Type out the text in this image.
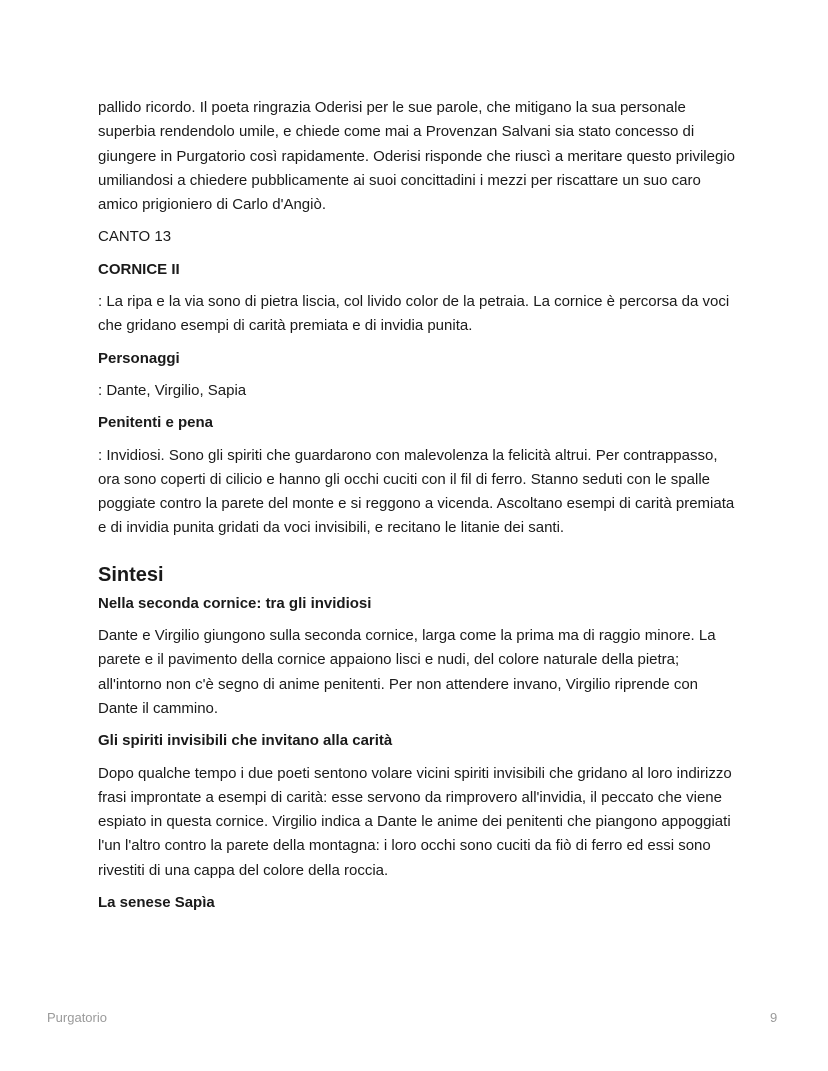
pallido ricordo. Il poeta ringrazia Oderisi per le sue parole, che mitigano la sua personale superbia rendendolo umile, e chiede come mai a Provenzan Salvani sia stato concesso di giungere in Purgatorio così rapidamente. Oderisi risponde che riuscì a meritare questo privilegio umiliandosi a chiedere pubblicamente ai suoi concittadini i mezzi per riscattare un suo caro amico prigioniero di Carlo d'Angiò.

CANTO 13

CORNICE II

: La ripa e la via sono di pietra liscia, col livido color de la petraia. La cornice è percorsa da voci che gridano esempi di carità premiata e di invidia punita.

Personaggi

: Dante, Virgilio, Sapia

Penitenti e pena

: Invidiosi. Sono gli spiriti che guardarono con malevolenza la felicità altrui. Per contrappasso, ora sono coperti di cilicio e hanno gli occhi cuciti con il fil di ferro. Stanno seduti con le spalle poggiate contro la parete del monte e si reggono a vicenda. Ascoltano esempi di carità premiata e di invidia punita gridati da voci invisibili, e recitano le litanie dei santi.

Sintesi

Nella seconda cornice: tra gli invidiosi

Dante e Virgilio giungono sulla seconda cornice, larga come la prima ma di raggio minore. La parete e il pavimento della cornice appaiono lisci e nudi, del colore naturale della pietra; all'intorno non c'è segno di anime penitenti. Per non attendere invano, Virgilio riprende con Dante il cammino.

Gli spiriti invisibili che invitano alla carità

Dopo qualche tempo i due poeti sentono volare vicini spiriti invisibili che gridano al loro indirizzo frasi improntate a esempi di carità: esse servono da rimprovero all'invidia, il peccato che viene espiato in questa cornice. Virgilio indica a Dante le anime dei penitenti che piangono appoggiati l'un l'altro contro la parete della montagna: i loro occhi sono cuciti da fiò di ferro ed essi sono rivestiti di una cappa del colore della roccia.

La senese Sapìa

Purgatorio	9
